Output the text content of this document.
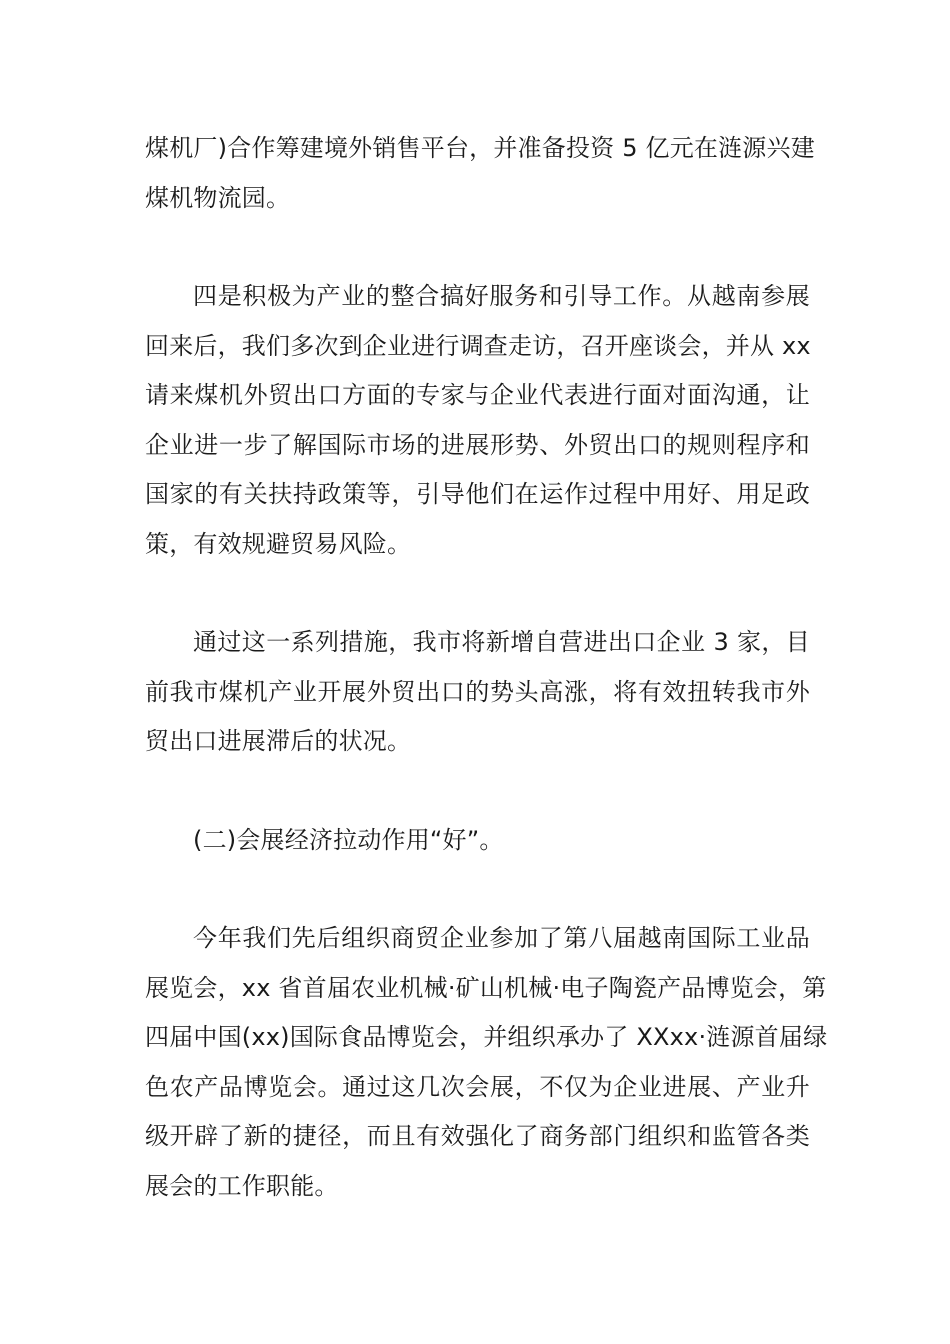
煤机厂)合作筹建境外销售平台，并准备投资 5 亿元在涟源兴建
煤机物流园。
四是积极为产业的整合搞好服务和引导工作。从越南参展
回来后，我们多次到企业进行调查走访，召开座谈会，并从 xx
请来煤机外贸出口方面的专家与企业代表进行面对面沟通，让
企业进一步了解国际市场的进展形势、外贸出口的规则程序和
国家的有关扶持政策等，引导他们在运作过程中用好、用足政
策，有效规避贸易风险。
通过这一系列措施，我市将新增自营进出口企业 3 家，目
前我市煤机产业开展外贸出口的势头高涨，将有效扭转我市外
贸出口进展滞后的状况。
(二)会展经济拉动作用“好”。
今年我们先后组织商贸企业参加了第八届越南国际工业品
展览会，xx 省首届农业机械·矿山机械·电子陶瓷产品博览会，第
四届中国(xx)国际食品博览会，并组织承办了 XXxx·涟源首届绿
色农产品博览会。通过这几次会展，不仅为企业进展、产业升
级开辟了新的捷径，而且有效强化了商务部门组织和监管各类
展会的工作职能。
